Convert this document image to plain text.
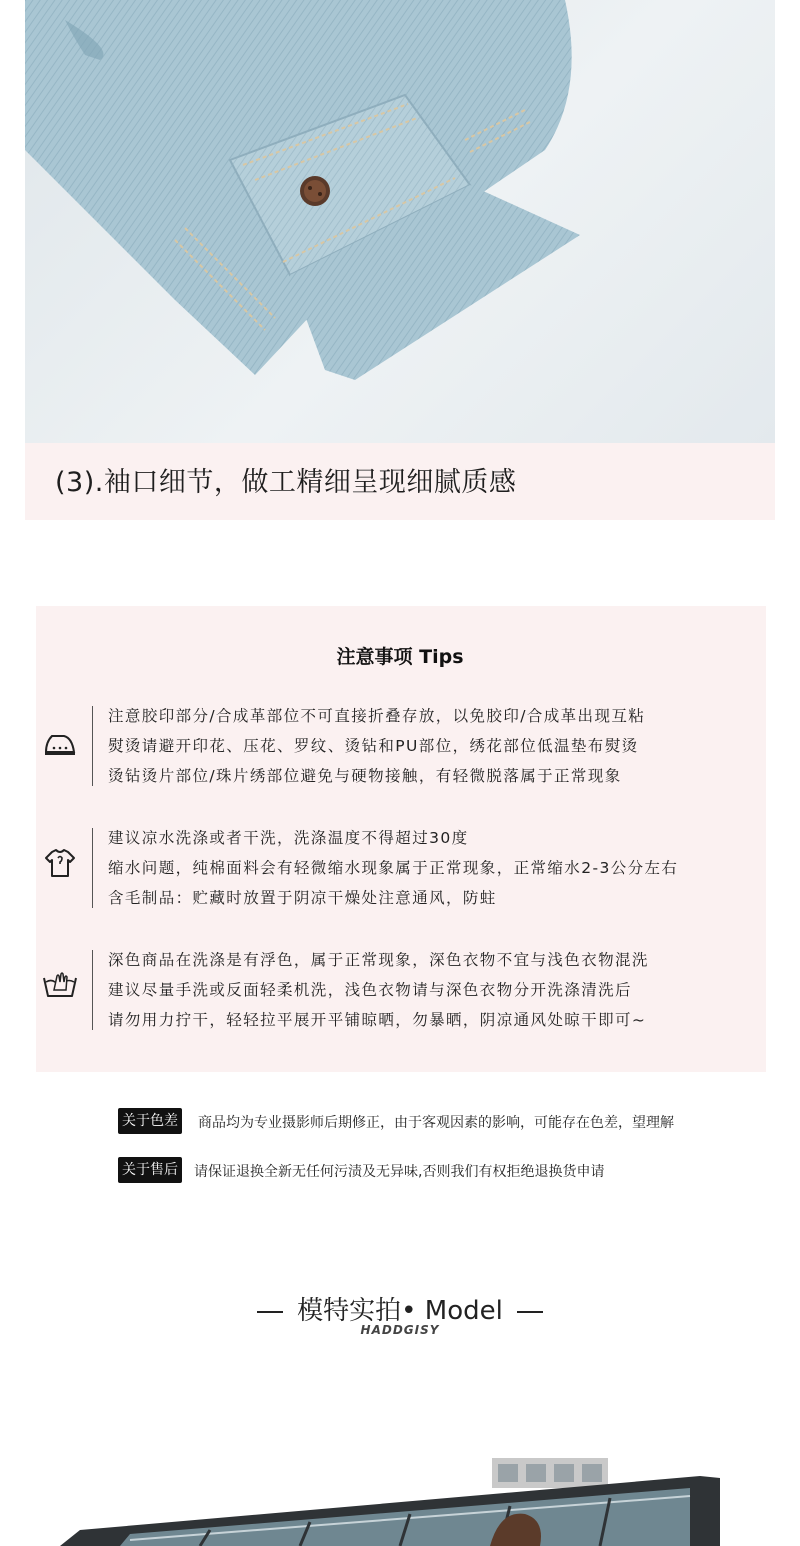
(3).袖口细节，做工精细呈现细腻质感
注意事项 Tips
注意胶印部分/合成革部位不可直接折叠存放，以免胶印/合成革出现互粘
熨烫请避开印花、压花、罗纹、烫钻和PU部位，绣花部位低温垫布熨烫
烫钻烫片部位/珠片绣部位避免与硬物接触，有轻微脱落属于正常现象
建议凉水洗涤或者干洗，洗涤温度不得超过30度
缩水问题，纯棉面料会有轻微缩水现象属于正常现象，正常缩水2-3公分左右
含毛制品：贮藏时放置于阴凉干燥处注意通风，防蛀
深色商品在洗涤是有浮色，属于正常现象，深色衣物不宜与浅色衣物混洗
建议尽量手洗或反面轻柔机洗，浅色衣物请与深色衣物分开洗涤清洗后
请勿用力拧干，轻轻拉平展开平铺晾晒，勿暴晒，阴凉通风处晾干即可~
关于色差 商品均为专业摄影师后期修正，由于客观因素的影响，可能存在色差，望理解
关于售后 请保证退换全新无任何污渍及无异味,否则我们有权拒绝退换货申请
模特实拍• Model
HADDGISY
